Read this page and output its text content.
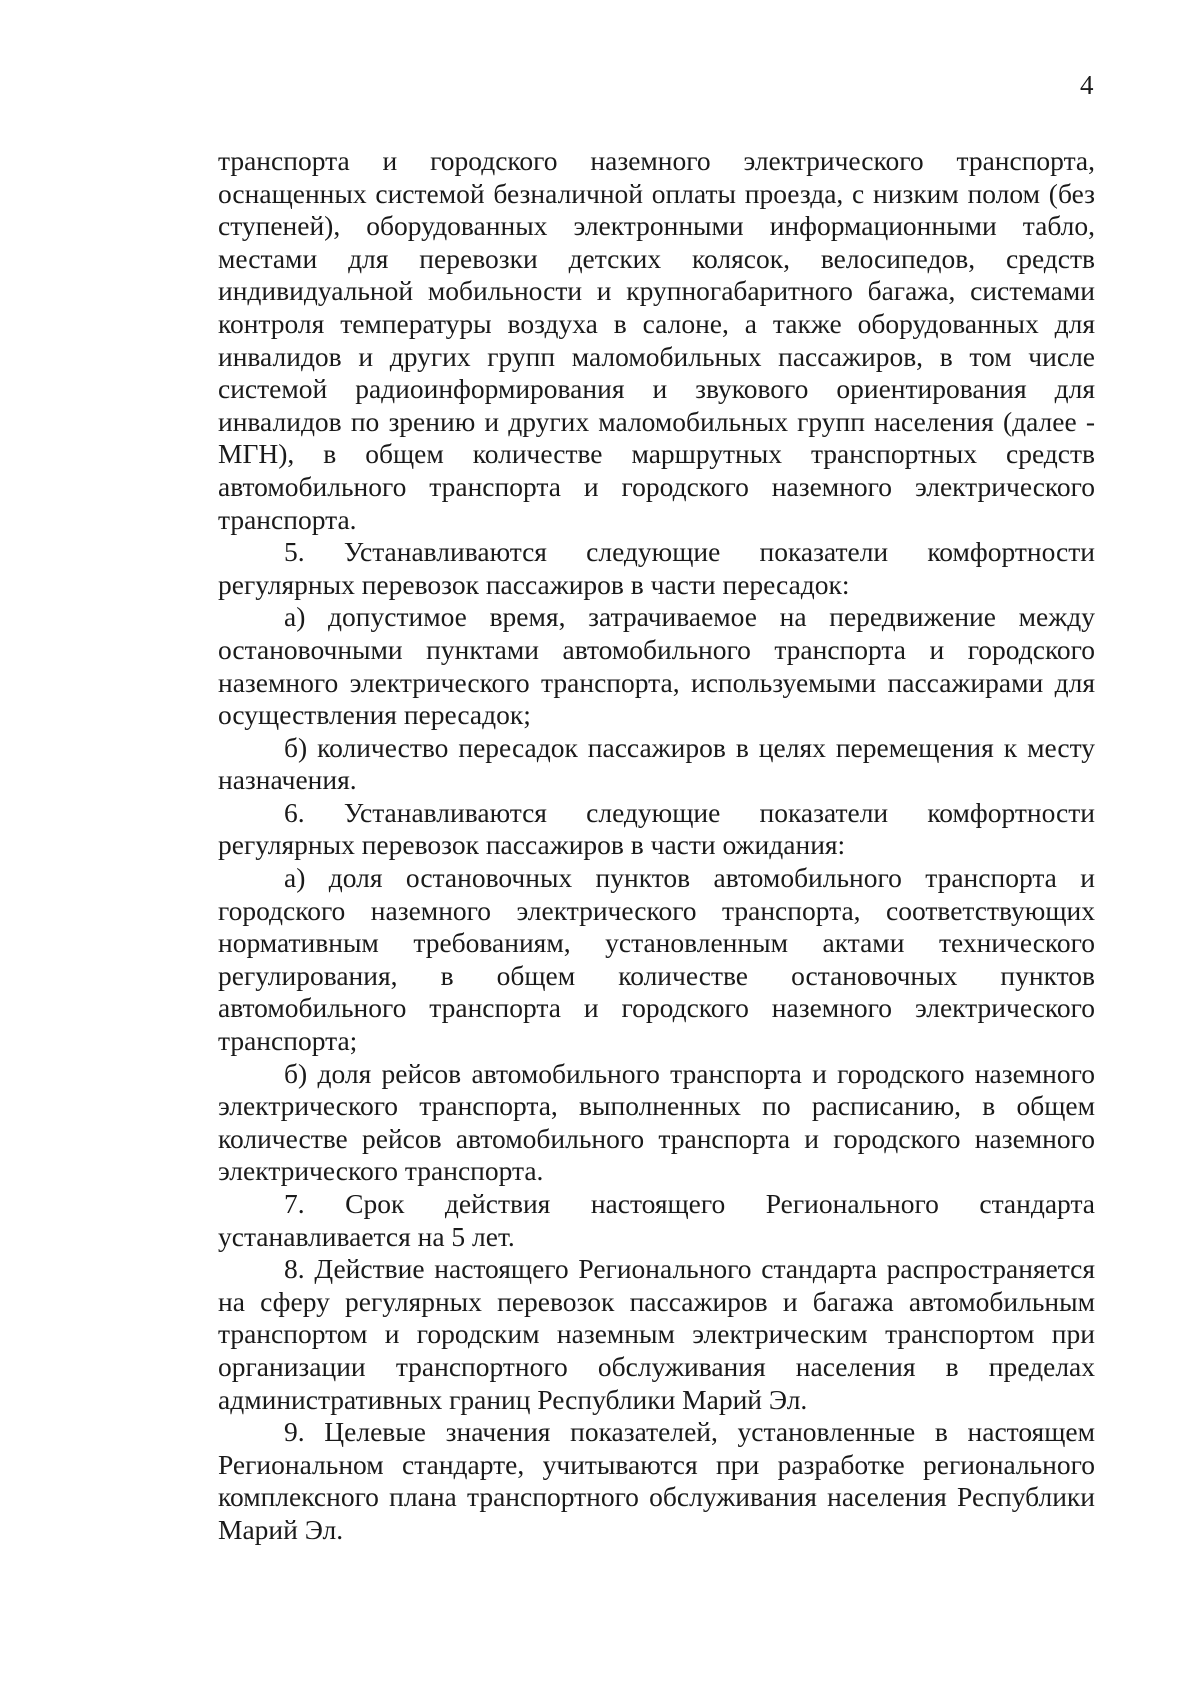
4

транспорта и городского наземного электрического транспорта, оснащенных системой безналичной оплаты проезда, с низким полом (без ступеней), оборудованных электронными информационными табло, местами для перевозки детских колясок, велосипедов, средств индивидуальной мобильности и крупногабаритного багажа, системами контроля температуры воздуха в салоне, а также оборудованных для инвалидов и других групп маломобильных пассажиров, в том числе системой радиоинформирования и звукового ориентирования для инвалидов по зрению и других маломобильных групп населения (далее - МГН), в общем количестве маршрутных транспортных средств автомобильного транспорта и городского наземного электрического транспорта.

5. Устанавливаются следующие показатели комфортности регулярных перевозок пассажиров в части пересадок:

а) допустимое время, затрачиваемое на передвижение между остановочными пунктами автомобильного транспорта и городского наземного электрического транспорта, используемыми пассажирами для осуществления пересадок;

б) количество пересадок пассажиров в целях перемещения к месту назначения.

6. Устанавливаются следующие показатели комфортности регулярных перевозок пассажиров в части ожидания:

а) доля остановочных пунктов автомобильного транспорта и городского наземного электрического транспорта, соответствующих нормативным требованиям, установленным актами технического регулирования, в общем количестве остановочных пунктов автомобильного транспорта и городского наземного электрического транспорта;

б) доля рейсов автомобильного транспорта и городского наземного электрического транспорта, выполненных по расписанию, в общем количестве рейсов автомобильного транспорта и городского наземного электрического транспорта.

7. Срок действия настоящего Регионального стандарта устанавливается на 5 лет.

8. Действие настоящего Регионального стандарта распространяется на сферу регулярных перевозок пассажиров и багажа автомобильным транспортом и городским наземным электрическим транспортом при организации транспортного обслуживания населения в пределах административных границ Республики Марий Эл.

9. Целевые значения показателей, установленные в настоящем Региональном стандарте, учитываются при разработке регионального комплексного плана транспортного обслуживания населения Республики Марий Эл.
